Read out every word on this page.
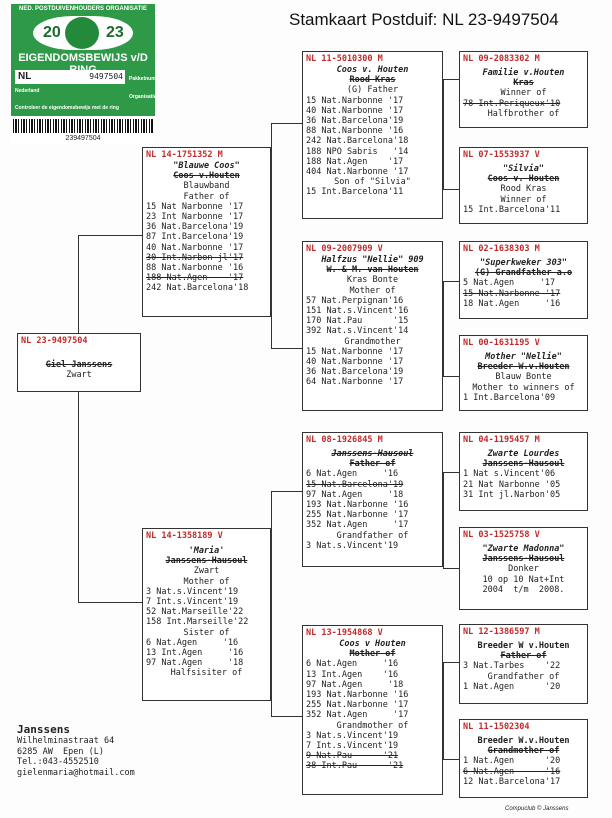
Stamkaart Postduif: NL 23-9497504
NED. POSTDUIVENHOUDERS ORGANISATIE
20	23
EIGENDOMSBEWIJS v/D
NL	9497504 Pakketnummer
Nederland
Organisatie
Controleer de eigendomsbewijs met de ring
239497504
NL 23-9497504
Giel Janssens
Zwart
NL 14-1751352 M
"Blauwe Coos"
Coos v.Houten
Blauwband
Father of
15 Nat Narbonne '17
23 Int Narbonne '17
36 Nat.Barcelona'19
87 Int.Barcelona'19
40 Nat.Narbonne '17
30 Int.Narbon jl'17
88 Nat.Narbonne '16
188 Nat.Agen    '17
242 Nat.Barcelona'18
NL 14-1358189 V
'Maria'
Janssens-Hausoul
Zwart
Mother of
3 Nat.s.Vincent'19
7 Int.s.Vincent'19
52 Nat.Marseille'22
158 Int.Marseille'22
Sister of
6 Nat.Agen     '16
13 Int.Agen     '16
97 Nat.Agen     '18
Halfsisiter of
NL 11-5010300 M
Coos v. Houten
Rood Kras
(G) Father
15 Nat.Narbonne '17
40 Nat.Narbonne '17
36 Nat.Barcelona'19
88 Nat.Narbonne '16
242 Nat.Barcelona'18
188 NPO Sabris   '14
188 Nat.Agen    '17
404 Nat.Narbonne '17
Son of "Silvia"
15 Int.Barcelona'11
NL 09-2007909 V
Halfzus "Nellie" 909
W. & M. van Houten
Kras Bonte
Mother of
57 Nat.Perpignan'16
151 Nat.s.Vincent'16
170 Nat.Pau      '15
392 Nat.s.Vincent'14
Grandmother
15 Nat.Narbonne '17
40 Nat.Narbonne '17
36 Nat.Barcelona'19
64 Nat.Narbonne '17
NL 08-1926845 M
Janssens-Hausoul
Father of
6 Nat.Agen     '16
15 Nat.Barcelona'19
97 Nat.Agen     '18
193 Nat.Narbonne '16
255 Nat.Narbonne '17
352 Nat.Agen     '17
Grandfather of
3 Nat.s.Vincent'19
NL 13-1954868 V
Coos v Houten
Mother of
6 Nat.Agen     '16
13 Int.Agen    '16
97 Nat.Agen     '18
193 Nat.Narbonne '16
255 Nat.Narbonne '17
352 Nat.Agen     '17
Grandmother of
3 Nat.s.Vincent'19
7 Int.s.Vincent'19
9 Nat.Pau      '21
38 Int.Pau      '21
NL 09-2083302 M
Familie v.Houten
Kras
Winner of
78 Int.Periqueux'10
Halfbrother of
NL 07-1553937 V
"Silvia"
Coos v. Houten
Rood Kras
Winner of
15 Int.Barcelona'11
NL 02-1638303 M
"Superkweker 303"
(G) Grandfather a.o
5 Nat.Agen     '17
15 Nat.Narbonne '17
18 Nat.Agen     '16
NL 00-1631195 V
Mother "Nellie"
Breeder W.v.Houten
Blauw Bonte
Mother to winners of
1 Int.Barcelona'09
NL 04-1195457 M
Zwarte Lourdes
Janssens-Hausoul
1 Nat s.Vincent'06
21 Nat Narbonne '05
31 Int jl.Narbon'05
NL 03-1525758 V
"Zwarte Madonna"
Janssens-Hausoul
Donker
10 op 10 Nat+Int
2004  t/m  2008.
NL 12-1386597 M
Breeder W v.Houten
Father of
3 Nat.Tarbes    '22
Grandfather of
1 Nat.Agen      '20
NL 11-1502304
Breeder W.v.Houten
Grandmother of
1 Nat.Agen      '20
6 Nat.Agen      '16
12 Nat.Barcelona'17
Janssens
Wilhelminastraat 64
6285 AW  Epen (L)
Tel.:043-4552510
gielenmaria@hotmail.com
Compuclub © Janssens
